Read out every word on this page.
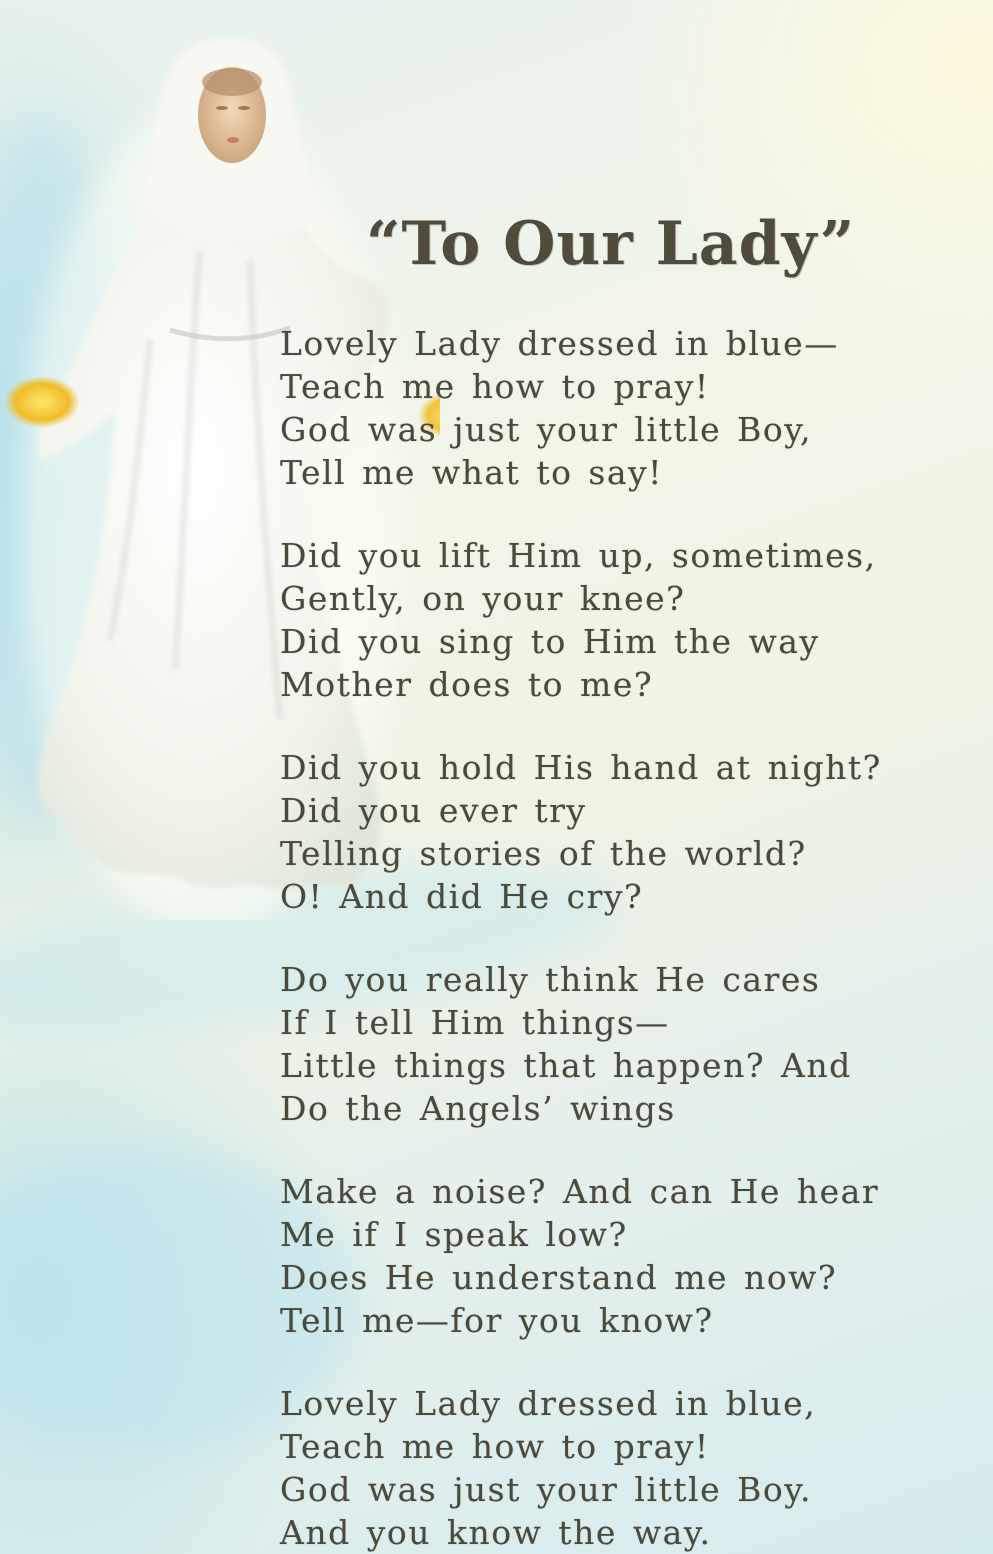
“To Our Lady”
Lovely Lady dressed in blue—
Teach me how to pray!
God was just your little Boy,
Tell me what to say!
Did you lift Him up, sometimes,
Gently, on your knee?
Did you sing to Him the way
Mother does to me?
Did you hold His hand at night?
Did you ever try
Telling stories of the world?
O! And did He cry?
Do you really think He cares
If I tell Him things—
Little things that happen? And
Do the Angels’ wings
Make a noise? And can He hear
Me if I speak low?
Does He understand me now?
Tell me—for you know?
Lovely Lady dressed in blue,
Teach me how to pray!
God was just your little Boy.
And you know the way.
